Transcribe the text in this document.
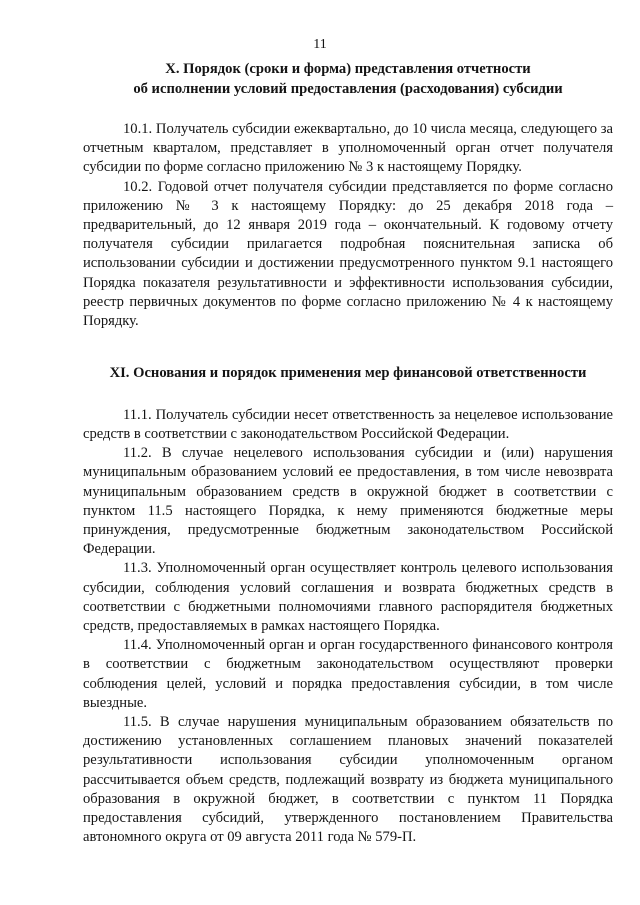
11
X. Порядок (сроки и форма) представления отчетности
об исполнении условий предоставления (расходования) субсидии

10.1. Получатель субсидии ежеквартально, до 10 числа месяца, следующего за отчетным кварталом, представляет в уполномоченный орган отчет получателя субсидии по форме согласно приложению № 3 к настоящему Порядку.

10.2. Годовой отчет получателя субсидии представляется по форме согласно приложению № 3 к настоящему Порядку: до 25 декабря 2018 года – предварительный, до 12 января 2019 года – окончательный. К годовому отчету получателя субсидии прилагается подробная пояснительная записка об использовании субсидии и достижении предусмотренного пунктом 9.1 настоящего Порядка показателя результативности и эффективности использования субсидии, реестр первичных документов по форме согласно приложению № 4 к настоящему Порядку.

XI. Основания и порядок применения мер финансовой ответственности

11.1. Получатель субсидии несет ответственность за нецелевое использование средств в соответствии с законодательством Российской Федерации.

11.2. В случае нецелевого использования субсидии и (или) нарушения муниципальным образованием условий ее предоставления, в том числе невозврата муниципальным образованием средств в окружной бюджет в соответствии с пунктом 11.5 настоящего Порядка, к нему применяются бюджетные меры принуждения, предусмотренные бюджетным законодательством Российской Федерации.

11.3. Уполномоченный орган осуществляет контроль целевого использования субсидии, соблюдения условий соглашения и возврата бюджетных средств в соответствии с бюджетными полномочиями главного распорядителя бюджетных средств, предоставляемых в рамках настоящего Порядка.

11.4. Уполномоченный орган и орган государственного финансового контроля в соответствии с бюджетным законодательством осуществляют проверки соблюдения целей, условий и порядка предоставления субсидии, в том числе выездные.

11.5. В случае нарушения муниципальным образованием обязательств по достижению установленных соглашением плановых значений показателей результативности использования субсидии уполномоченным органом рассчитывается объем средств, подлежащий возврату из бюджета муниципального образования в окружной бюджет, в соответствии с пунктом 11 Порядка предоставления субсидий, утвержденного постановлением Правительства автономного округа от 09 августа 2011 года № 579-П.
